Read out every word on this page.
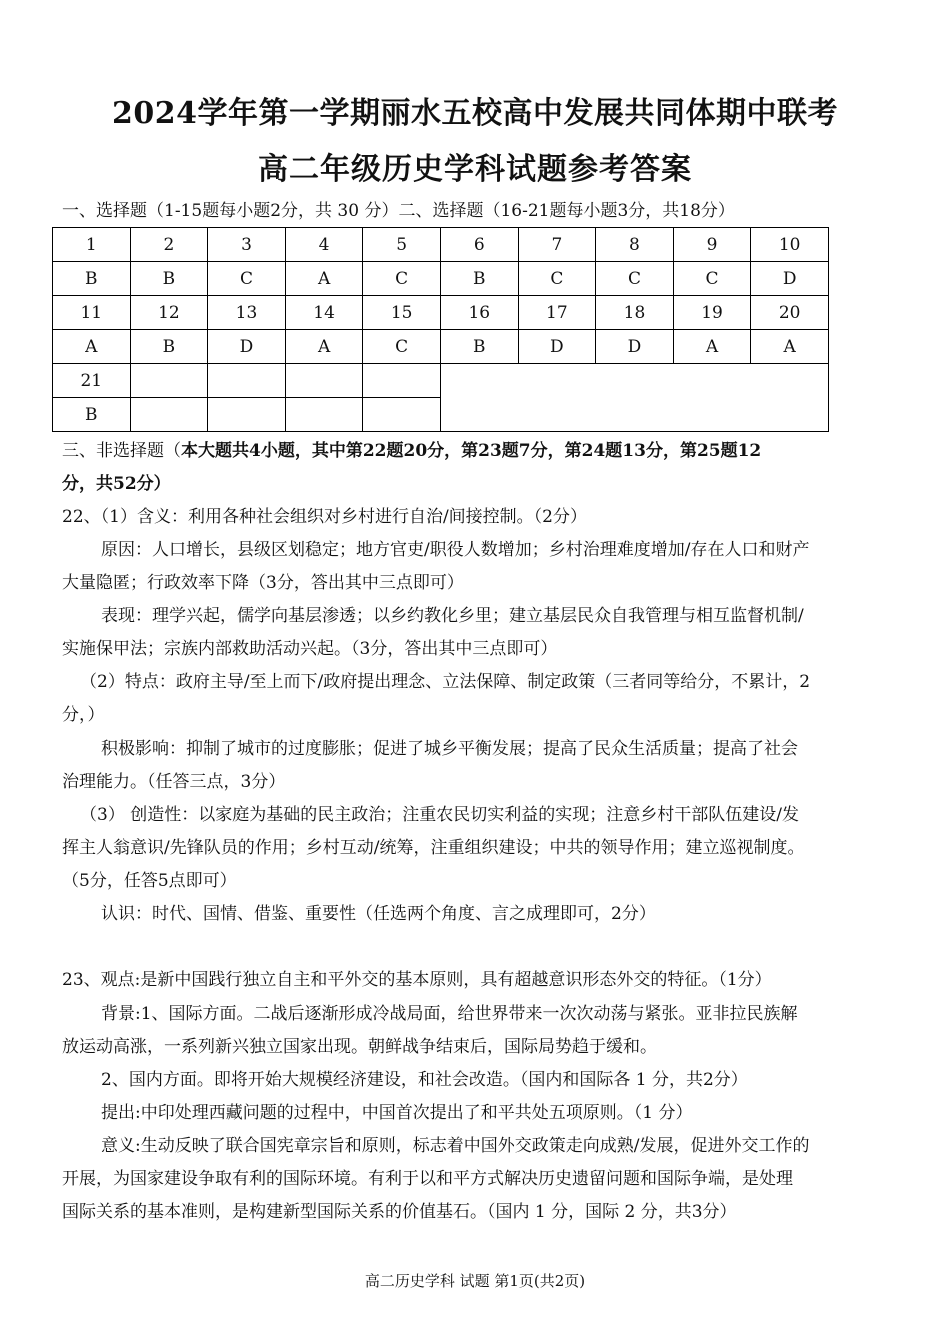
2024学年第一学期丽水五校高中发展共同体期中联考
高二年级历史学科试题参考答案
一、选择题（1-15题每小题2分，共 30 分）二、选择题（16-21题每小题3分，共18分）
1	2	3	4	5	6	7	8	9	10
B	B	C	A	C	B	C	C	C	D
11	12	13	14	15	16	17	18	19	20
A	B	D	A	C	B	D	D	A	A
21									
B									
三、非选择题（本大题共4小题，其中第22题20分，第23题7分，第24题13分，第25题12
分，共52分）
22、（1）含义：利用各种社会组织对乡村进行自治/间接控制。（2分）
原因：人口增长，县级区划稳定；地方官吏/职役人数增加；乡村治理难度增加/存在人口和财产
大量隐匿；行政效率下降（3分，答出其中三点即可）
表现：理学兴起，儒学向基层渗透；以乡约教化乡里；建立基层民众自我管理与相互监督机制/
实施保甲法；宗族内部救助活动兴起。（3分，答出其中三点即可）
（2）特点：政府主导/至上而下/政府提出理念、立法保障、制定政策（三者同等给分，不累计，2
分，）
积极影响：抑制了城市的过度膨胀；促进了城乡平衡发展；提高了民众生活质量；提高了社会
治理能力。（任答三点，3分）
（3） 创造性：以家庭为基础的民主政治；注重农民切实利益的实现；注意乡村干部队伍建设/发
挥主人翁意识/先锋队员的作用；乡村互动/统筹，注重组织建设；中共的领导作用；建立巡视制度。
（5分，任答5点即可）
认识：时代、国情、借鉴、重要性（任选两个角度、言之成理即可，2分）
23、观点:是新中国践行独立自主和平外交的基本原则，具有超越意识形态外交的特征。（1分）
背景:1、国际方面。二战后逐渐形成冷战局面，给世界带来一次次动荡与紧张。亚非拉民族解
放运动高涨，一系列新兴独立国家出现。朝鲜战争结束后，国际局势趋于缓和。
2、国内方面。即将开始大规模经济建设，和社会改造。（国内和国际各 1 分，共2分）
提出:中印处理西藏问题的过程中，中国首次提出了和平共处五项原则。（1 分）
意义:生动反映了联合国宪章宗旨和原则，标志着中国外交政策走向成熟/发展，促进外交工作的
开展，为国家建设争取有利的国际环境。有利于以和平方式解决历史遗留问题和国际争端，是处理
国际关系的基本准则，是构建新型国际关系的价值基石。（国内 1 分，国际 2 分，共3分）
高二历史学科 试题 第1页(共2页)
